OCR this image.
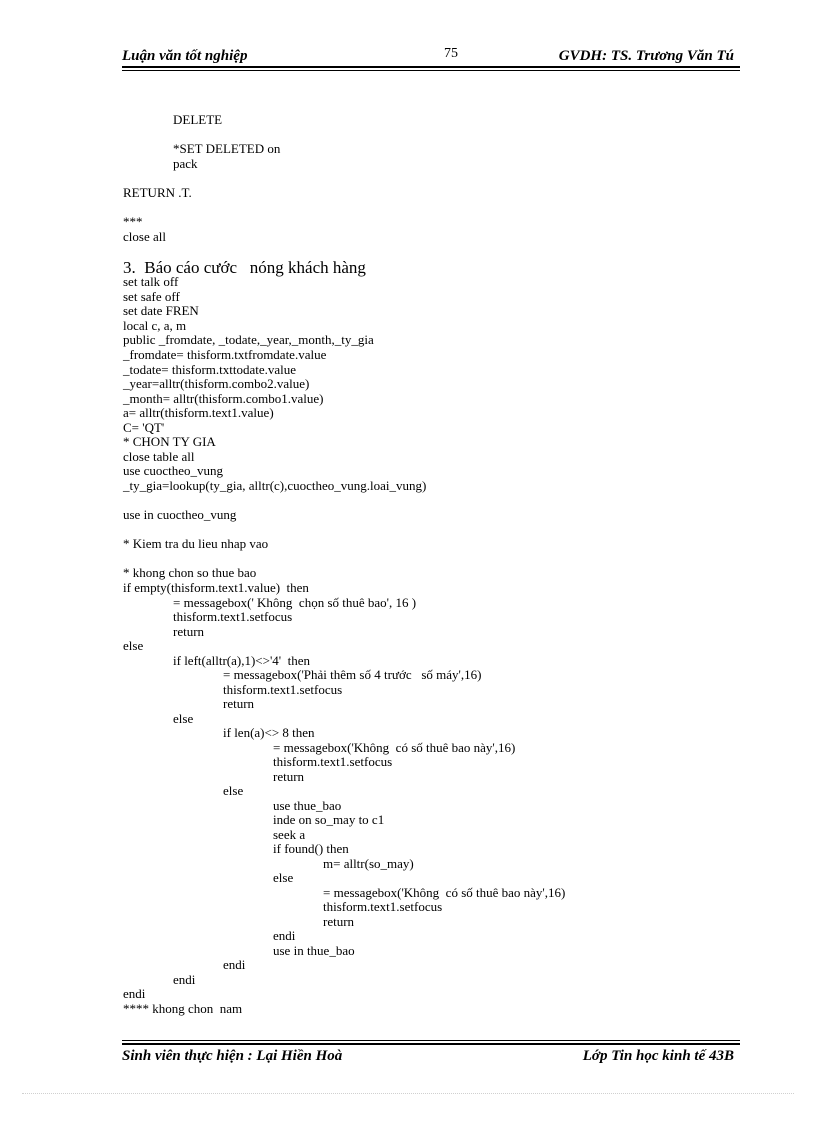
Luận văn tốt nghiệp	75	GVDH: TS. Trương Văn Tú
DELETE
*SET DELETED on
pack
RETURN .T.
***
close all
3.  Báo cáo cước   nóng khách hàng
set talk off
set safe off
set date FREN
local c, a, m
public _fromdate, _todate,_year,_month,_ty_gia
_fromdate= thisform.txtfromdate.value
_todate= thisform.txttodate.value
_year=alltr(thisform.combo2.value)
_month= alltr(thisform.combo1.value)
a= alltr(thisform.text1.value)
C= 'QT'
* CHON TY GIA
close table all
use cuoctheo_vung
_ty_gia=lookup(ty_gia, alltr(c),cuoctheo_vung.loai_vung)
use in cuoctheo_vung
* Kiem tra du lieu nhap vao
* khong chon so thue bao
if empty(thisform.text1.value)  then
= messagebox(' Không  chọn số thuê bao', 16 )
thisform.text1.setfocus
return
else
if left(alltr(a),1)<>'4'  then
= messagebox('Phải thêm số 4 trước   số máy',16)
thisform.text1.setfocus
return
else
if len(a)<> 8 then
= messagebox('Không  có số thuê bao này',16)
thisform.text1.setfocus
return
else
use thue_bao
inde on so_may to c1
seek a
if found() then
m= alltr(so_may)
else
= messagebox('Không  có số thuê bao này',16)
thisform.text1.setfocus
return
endi
use in thue_bao
endi
endi
endi
**** khong chon  nam
Sinh viên thực hiện : Lại Hiền Hoà	Lớp Tin học kinh tế 43B
